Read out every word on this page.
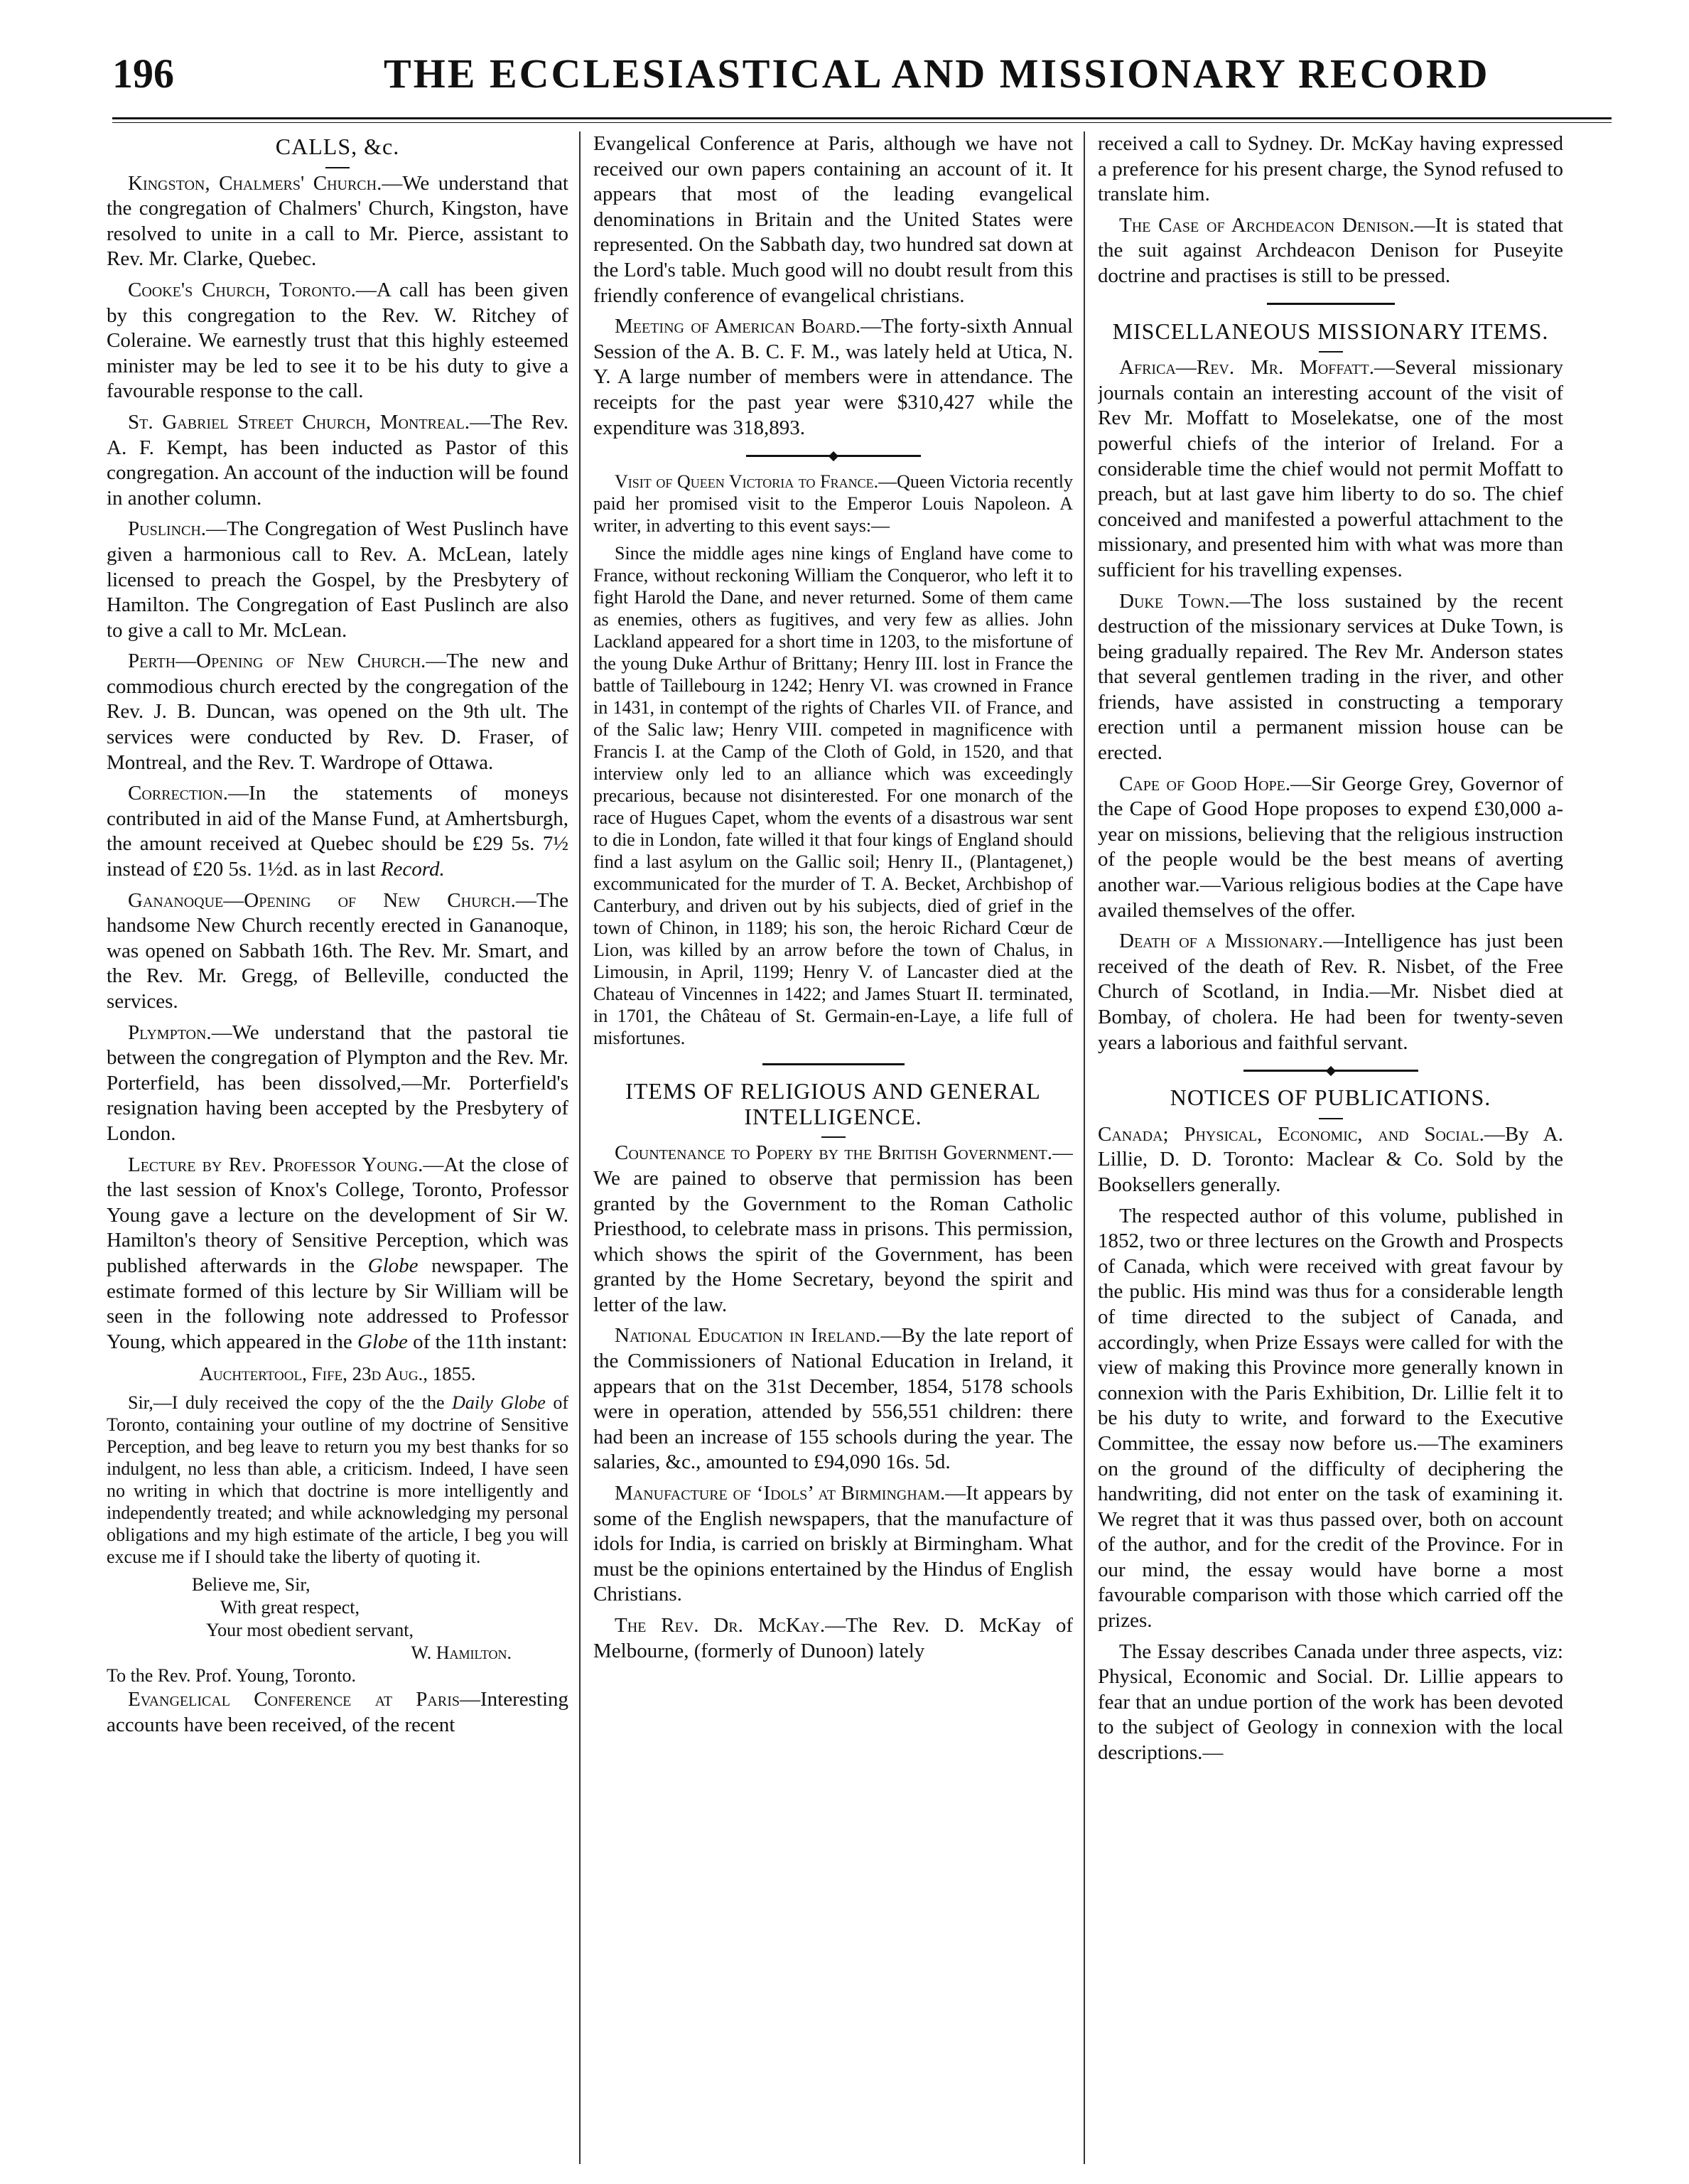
196	THE ECCLESIASTICAL AND MISSIONARY RECORD
CALLS, &c.

Kingston, Chalmers' Church.—We understand that the congregation of Chalmers' Church, Kingston, have resolved to unite in a call to Mr. Pierce, assistant to Rev. Mr. Clarke, Quebec.

Cooke's Church, Toronto.—A call has been given by this congregation to the Rev. W. Ritchey of Coleraine. We earnestly trust that this highly esteemed minister may be led to see it to be his duty to give a favourable response to the call.

St. Gabriel Street Church, Montreal.—The Rev. A. F. Kempt, has been inducted as Pastor of this congregation. An account of the induction will be found in another column.

Puslinch.—The Congregation of West Puslinch have given a harmonious call to Rev. A. McLean, lately licensed to preach the Gospel, by the Presbytery of Hamilton. The Congregation of East Puslinch are also to give a call to Mr. McLean.

Perth—Opening of New Church.—The new and commodious church erected by the congregation of the Rev. J. B. Duncan, was opened on the 9th ult. The services were conducted by Rev. D. Fraser, of Montreal, and the Rev. T. Wardrope of Ottawa.

Correction.—In the statements of moneys contributed in aid of the Manse Fund, at Amhertsburgh, the amount received at Quebec should be £29 5s. 7½ instead of £20 5s. 1½d. as in last Record.

Gananoque—Opening of New Church.—The handsome New Church recently erected in Gananoque, was opened on Sabbath 16th. The Rev. Mr. Smart, and the Rev. Mr. Gregg, of Belleville, conducted the services.

Plympton.—We understand that the pastoral tie between the congregation of Plympton and the Rev. Mr. Porterfield, has been dissolved,—Mr. Porterfield's resignation having been accepted by the Presbytery of London.

Lecture by Rev. Professor Young.—At the close of the last session of Knox's College, Toronto, Professor Young gave a lecture on the development of Sir W. Hamilton's theory of Sensitive Perception, which was published afterwards in the Globe newspaper. The estimate formed of this lecture by Sir William will be seen in the following note addressed to Professor Young, which appeared in the Globe of the 11th instant:

Auchtertool, Fife, 23d Aug., 1855.

Sir,—I duly received the copy of the the Daily Globe of Toronto, containing your outline of my doctrine of Sensitive Perception, and beg leave to return you my best thanks for so indulgent, no less than able, a criticism. Indeed, I have seen no writing in which that doctrine is more intelligently and independently treated; and while acknowledging my personal obligations and my high estimate of the article, I beg you will excuse me if I should take the liberty of quoting it.

Believe me, Sir,
With great respect,
Your most obedient servant,
W. Hamilton.
To the Rev. Prof. Young, Toronto.

Evangelical Conference at Paris—Interesting accounts have been received, of the recent

Evangelical Conference at Paris, although we have not received our own papers containing an account of it. It appears that most of the leading evangelical denominations in Britain and the United States were represented. On the Sabbath day, two hundred sat down at the Lord's table. Much good will no doubt result from this friendly conference of evangelical christians.

Meeting of American Board.—The forty-sixth Annual Session of the A. B. C. F. M., was lately held at Utica, N. Y. A large number of members were in attendance. The receipts for the past year were $310,427 while the expenditure was 318,893.

Visit of Queen Victoria to France.—Queen Victoria recently paid her promised visit to the Emperor Louis Napoleon. A writer, in adverting to this event says:—

Since the middle ages nine kings of England have come to France, without reckoning William the Conqueror, who left it to fight Harold the Dane, and never returned. Some of them came as enemies, others as fugitives, and very few as allies. John Lackland appeared for a short time in 1203, to the misfortune of the young Duke Arthur of Brittany; Henry III. lost in France the battle of Taillebourg in 1242; Henry VI. was crowned in France in 1431, in contempt of the rights of Charles VII. of France, and of the Salic law; Henry VIII. competed in magnificence with Francis I. at the Camp of the Cloth of Gold, in 1520, and that interview only led to an alliance which was exceedingly precarious, because not disinterested. For one monarch of the race of Hugues Capet, whom the events of a disastrous war sent to die in London, fate willed it that four kings of England should find a last asylum on the Gallic soil; Henry II., (Plantagenet,) excommunicated for the murder of T. A. Becket, Archbishop of Canterbury, and driven out by his subjects, died of grief in the town of Chinon, in 1189; his son, the heroic Richard Cœur de Lion, was killed by an arrow before the town of Chalus, in Limousin, in April, 1199; Henry V. of Lancaster died at the Chateau of Vincennes in 1422; and James Stuart II. terminated, in 1701, the Château of St. Germain-en-Laye, a life full of misfortunes.

ITEMS OF RELIGIOUS AND GENERAL INTELLIGENCE.

Countenance to Popery by the British Government.—We are pained to observe that permission has been granted by the Government to the Roman Catholic Priesthood, to celebrate mass in prisons. This permission, which shows the spirit of the Government, has been granted by the Home Secretary, beyond the spirit and letter of the law.

National Education in Ireland.—By the late report of the Commissioners of National Education in Ireland, it appears that on the 31st December, 1854, 5178 schools were in operation, attended by 556,551 children: there had been an increase of 155 schools during the year. The salaries, &c., amounted to £94,090 16s. 5d.

Manufacture of ‘Idols’ at Birmingham.—It appears by some of the English newspapers, that the manufacture of idols for India, is carried on briskly at Birmingham. What must be the opinions entertained by the Hindus of English Christians.

The Rev. Dr. McKay.—The Rev. D. McKay of Melbourne, (formerly of Dunoon) lately

received a call to Sydney. Dr. McKay having expressed a preference for his present charge, the Synod refused to translate him.

The Case of Archdeacon Denison.—It is stated that the suit against Archdeacon Denison for Puseyite doctrine and practises is still to be pressed.

MISCELLANEOUS MISSIONARY ITEMS.

Africa—Rev. Mr. Moffatt.—Several missionary journals contain an interesting account of the visit of Rev Mr. Moffatt to Moselekatse, one of the most powerful chiefs of the interior of Ireland. For a considerable time the chief would not permit Moffatt to preach, but at last gave him liberty to do so. The chief conceived and manifested a powerful attachment to the missionary, and presented him with what was more than sufficient for his travelling expenses.

Duke Town.—The loss sustained by the recent destruction of the missionary services at Duke Town, is being gradually repaired. The Rev Mr. Anderson states that several gentlemen trading in the river, and other friends, have assisted in constructing a temporary erection until a permanent mission house can be erected.

Cape of Good Hope.—Sir George Grey, Governor of the Cape of Good Hope proposes to expend £30,000 a-year on missions, believing that the religious instruction of the people would be the best means of averting another war.—Various religious bodies at the Cape have availed themselves of the offer.

Death of a Missionary.—Intelligence has just been received of the death of Rev. R. Nisbet, of the Free Church of Scotland, in India.—Mr. Nisbet died at Bombay, of cholera. He had been for twenty-seven years a laborious and faithful servant.

NOTICES OF PUBLICATIONS.

Canada; Physical, Economic, and Social.—By A. Lillie, D. D. Toronto: Maclear & Co. Sold by the Booksellers generally.

The respected author of this volume, published in 1852, two or three lectures on the Growth and Prospects of Canada, which were received with great favour by the public. His mind was thus for a considerable length of time directed to the subject of Canada, and accordingly, when Prize Essays were called for with the view of making this Province more generally known in connexion with the Paris Exhibition, Dr. Lillie felt it to be his duty to write, and forward to the Executive Committee, the essay now before us.—The examiners on the ground of the difficulty of deciphering the handwriting, did not enter on the task of examining it. We regret that it was thus passed over, both on account of the author, and for the credit of the Province. For in our mind, the essay would have borne a most favourable comparison with those which carried off the prizes.

The Essay describes Canada under three aspects, viz: Physical, Economic and Social. Dr. Lillie appears to fear that an undue portion of the work has been devoted to the subject of Geology in connexion with the local descriptions.—
